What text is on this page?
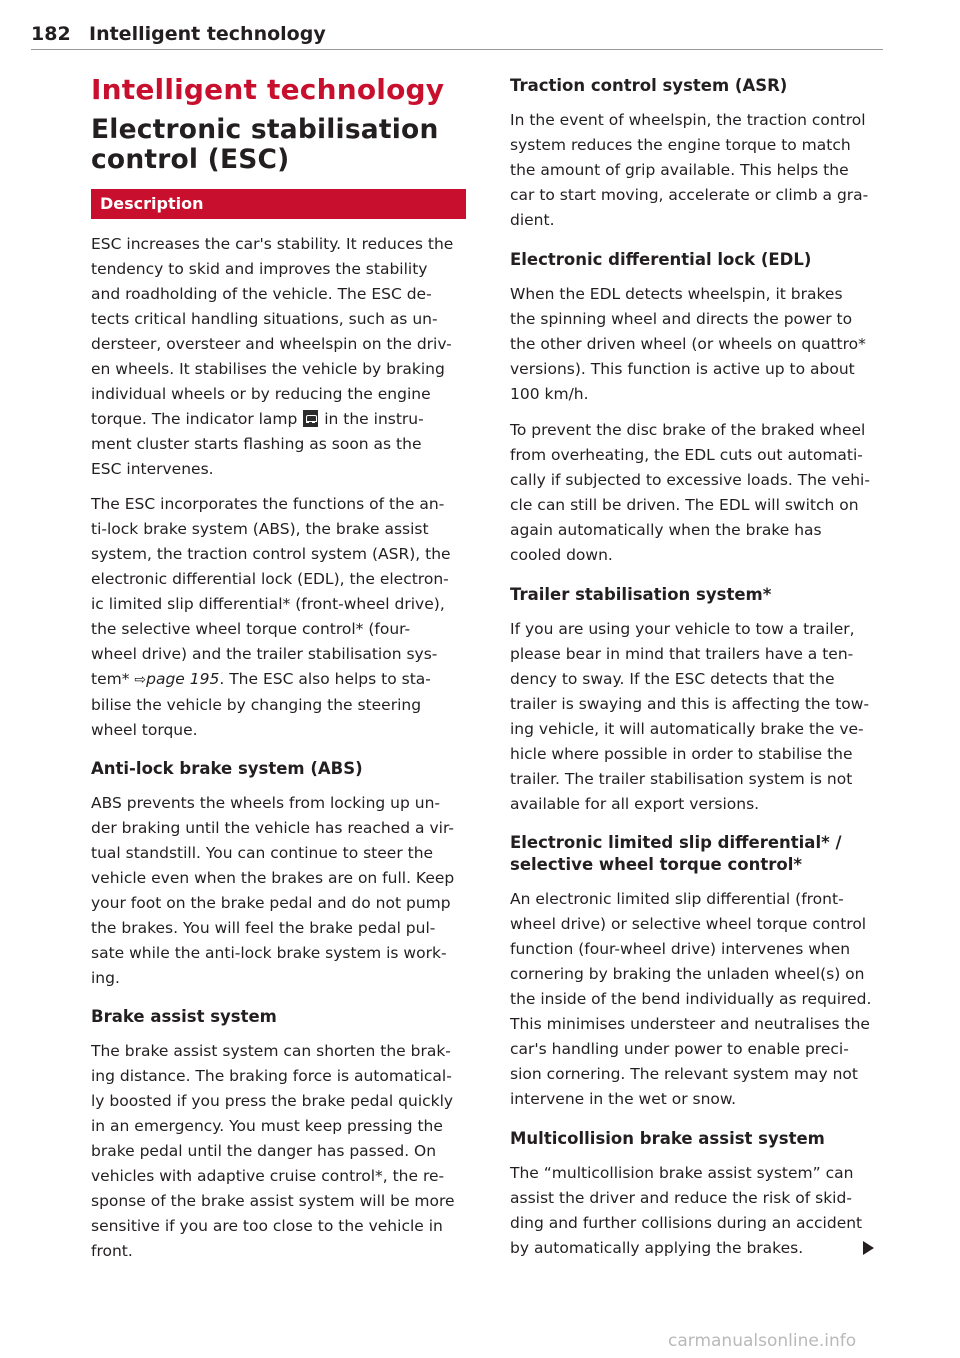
182 Intelligent technology
Intelligent technology
Electronic stabilisation
control (ESC)
Description
ESC increases the car's stability. It reduces the
tendency to skid and improves the stability
and roadholding of the vehicle. The ESC de-
tects critical handling situations, such as un-
dersteer, oversteer and wheelspin on the driv-
en wheels. It stabilises the vehicle by braking
individual wheels or by reducing the engine
torque. The indicator lamp  in the instru-
ment cluster starts flashing as soon as the
ESC intervenes.
The ESC incorporates the functions of the an-
ti-lock brake system (ABS), the brake assist
system, the traction control system (ASR), the
electronic differential lock (EDL), the electron-
ic limited slip differential* (front-wheel drive),
the selective wheel torque control* (four-
wheel drive) and the trailer stabilisation sys-
tem* ⇨page 195. The ESC also helps to sta-
bilise the vehicle by changing the steering
wheel torque.
Anti-lock brake system (ABS)
ABS prevents the wheels from locking up un-
der braking until the vehicle has reached a vir-
tual standstill. You can continue to steer the
vehicle even when the brakes are on full. Keep
your foot on the brake pedal and do not pump
the brakes. You will feel the brake pedal pul-
sate while the anti-lock brake system is work-
ing.
Brake assist system
The brake assist system can shorten the brak-
ing distance. The braking force is automatical-
ly boosted if you press the brake pedal quickly
in an emergency. You must keep pressing the
brake pedal until the danger has passed. On
vehicles with adaptive cruise control*, the re-
sponse of the brake assist system will be more
sensitive if you are too close to the vehicle in
front.
Traction control system (ASR)
In the event of wheelspin, the traction control
system reduces the engine torque to match
the amount of grip available. This helps the
car to start moving, accelerate or climb a gra-
dient.
Electronic differential lock (EDL)
When the EDL detects wheelspin, it brakes
the spinning wheel and directs the power to
the other driven wheel (or wheels on quattro*
versions). This function is active up to about
100 km/h.
To prevent the disc brake of the braked wheel
from overheating, the EDL cuts out automati-
cally if subjected to excessive loads. The vehi-
cle can still be driven. The EDL will switch on
again automatically when the brake has
cooled down.
Trailer stabilisation system*
If you are using your vehicle to tow a trailer,
please bear in mind that trailers have a ten-
dency to sway. If the ESC detects that the
trailer is swaying and this is affecting the tow-
ing vehicle, it will automatically brake the ve-
hicle where possible in order to stabilise the
trailer. The trailer stabilisation system is not
available for all export versions.
Electronic limited slip differential* /
selective wheel torque control*
An electronic limited slip differential (front-
wheel drive) or selective wheel torque control
function (four-wheel drive) intervenes when
cornering by braking the unladen wheel(s) on
the inside of the bend individually as required.
This minimises understeer and neutralises the
car's handling under power to enable preci-
sion cornering. The relevant system may not
intervene in the wet or snow.
Multicollision brake assist system
The “multicollision brake assist system” can
assist the driver and reduce the risk of skid-
ding and further collisions during an accident
by automatically applying the brakes.
carmanualsonline.info
